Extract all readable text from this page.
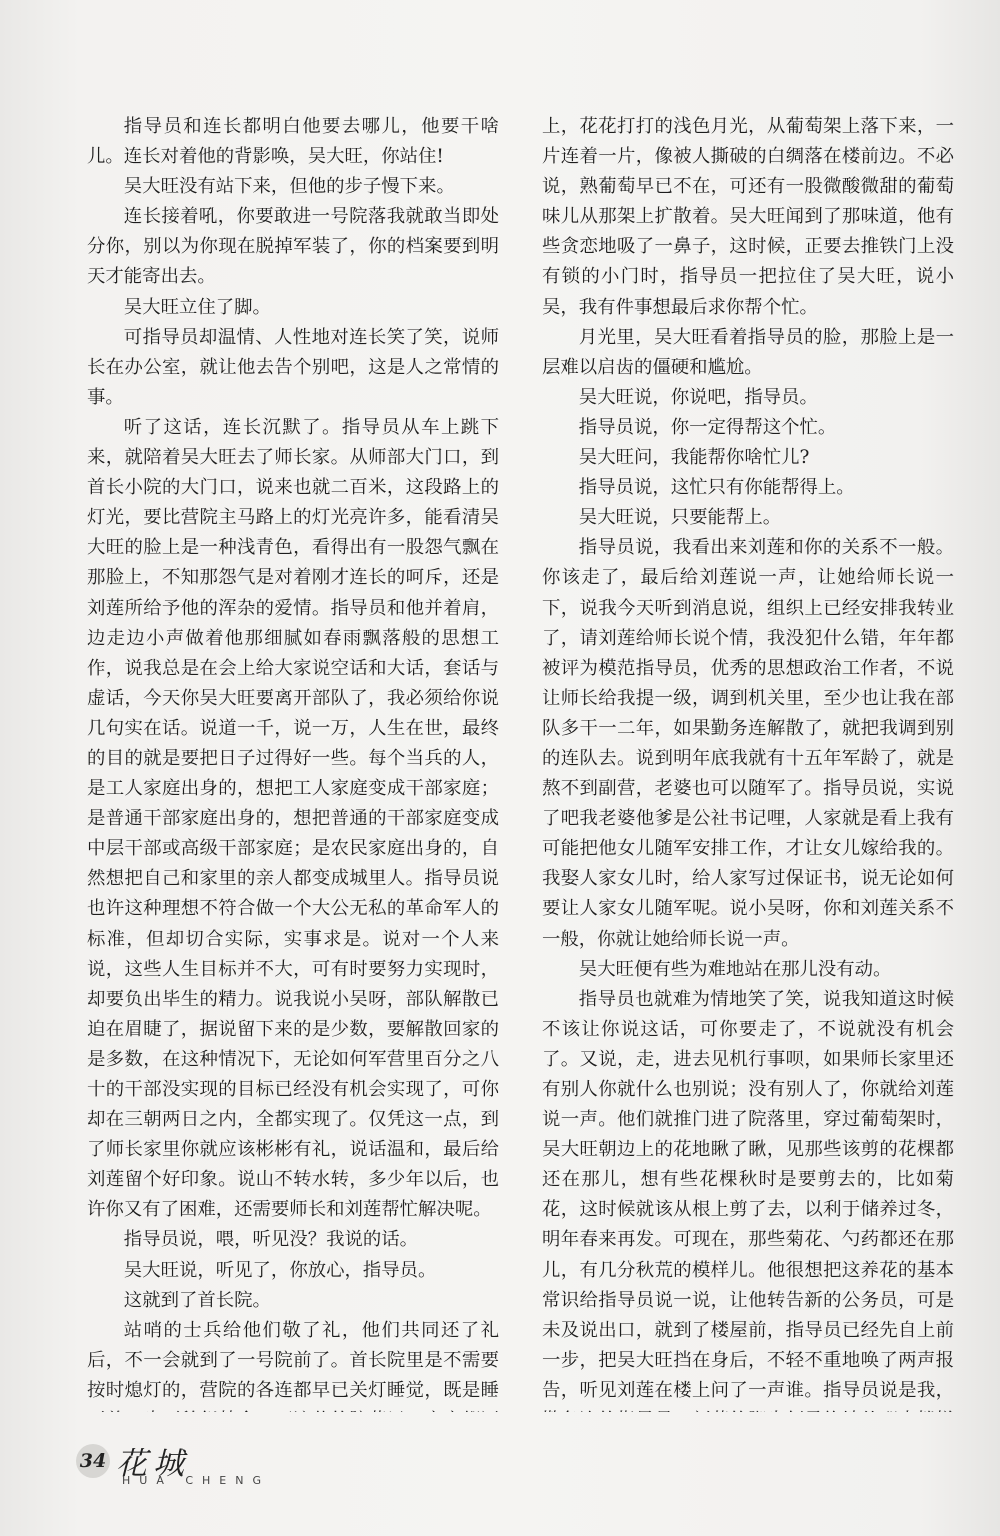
指导员和连长都明白他要去哪儿，他要干啥儿。连长对着他的背影唤，吴大旺，你站住!

吴大旺没有站下来，但他的步子慢下来。

连长接着吼，你要敢进一号院落我就敢当即处分你，别以为你现在脱掉军装了，你的档案要到明天才能寄出去。

吴大旺立住了脚。

可指导员却温情、人性地对连长笑了笑，说师长在办公室，就让他去告个别吧，这是人之常情的事。

听了这话，连长沉默了。指导员从车上跳下来，就陪着吴大旺去了师长家。从师部大门口，到首长小院的大门口，说来也就二百米，这段路上的灯光，要比营院主马路上的灯光亮许多，能看清吴大旺的脸上是一种浅青色，看得出有一股怨气飘在那脸上，不知那怨气是对着刚才连长的呵斥，还是刘莲所给予他的浑杂的爱情。指导员和他并着肩，边走边小声做着他那细腻如春雨飘落般的思想工作，说我总是在会上给大家说空话和大话，套话与虚话，今天你吴大旺要离开部队了，我必须给你说几句实在话。说道一千，说一万，人生在世，最终的目的就是要把日子过得好一些。每个当兵的人，是工人家庭出身的，想把工人家庭变成干部家庭；是普通干部家庭出身的，想把普通的干部家庭变成中层干部或高级干部家庭；是农民家庭出身的，自然想把自己和家里的亲人都变成城里人。指导员说也许这种理想不符合做一个大公无私的革命军人的标准，但却切合实际，实事求是。说对一个人来说，这些人生目标并不大，可有时要努力实现时，却要负出毕生的精力。说我说小吴呀，部队解散已迫在眉睫了，据说留下来的是少数，要解散回家的是多数，在这种情况下，无论如何军营里百分之八十的干部没实现的目标已经没有机会实现了，可你却在三朝两日之内，全都实现了。仅凭这一点，到了师长家里你就应该彬彬有礼，说话温和，最后给刘莲留个好印象。说山不转水转，多少年以后，也许你又有了困难，还需要师长和刘莲帮忙解决呢。

指导员说，喂，听见没？我说的话。

吴大旺说，听见了，你放心，指导员。

这就到了首长院。

站哨的士兵给他们敬了礼，他们共同还了礼后，不一会就到了一号院前了。首长院里是不需要按时熄灯的，营院的各连都早已关灯睡觉，既是睡

上，花花打打的浅色月光，从葡萄架上落下来，一片连着一片，像被人撕破的白绸落在楼前边。不必说，熟葡萄早已不在，可还有一股微酸微甜的葡萄味儿从那架上扩散着。吴大旺闻到了那味道，他有些贪恋地吸了一鼻子，这时候，正要去推铁门上没有锁的小门时，指导员一把拉住了吴大旺，说小吴，我有件事想最后求你帮个忙。

月光里，吴大旺看着指导员的脸，那脸上是一层难以启齿的僵硬和尴尬。

吴大旺说，你说吧，指导员。

指导员说，你一定得帮这个忙。

吴大旺问，我能帮你啥忙儿?

指导员说，这忙只有你能帮得上。

吴大旺说，只要能帮上。

指导员说，我看出来刘莲和你的关系不一般。你该走了，最后给刘莲说一声，让她给师长说一下，说我今天听到消息说，组织上已经安排我转业了，请刘莲给师长说个情，我没犯什么错，年年都被评为模范指导员，优秀的思想政治工作者，不说让师长给我提一级，调到机关里，至少也让我在部队多干一二年，如果勤务连解散了，就把我调到别的连队去。说到明年底我就有十五年军龄了，就是熬不到副营，老婆也可以随军了。指导员说，实说了吧我老婆他爹是公社书记哩，人家就是看上我有可能把他女儿随军安排工作，才让女儿嫁给我的。我娶人家女儿时，给人家写过保证书，说无论如何要让人家女儿随军呢。说小吴呀，你和刘莲关系不一般，你就让她给师长说一声。

吴大旺便有些为难地站在那儿没有动。

指导员也就难为情地笑了笑，说我知道这时候不该让你说这话，可你要走了，不说就没有机会了。又说，走，进去见机行事呗，如果师长家里还有别人你就什么也别说；没有别人了，你就给刘莲说一声。他们就推门进了院落里，穿过葡萄架时，吴大旺朝边上的花地瞅了瞅，见那些该剪的花棵都还在那儿，想有些花棵秋时是要剪去的，比如菊花，这时候就该从根上剪了去，以利于储养过冬，明年春来再发。可现在，那些菊花、勺药都还在那儿，有几分秋荒的模样儿。他很想把这养花的基本常识给指导员说一说，让他转告新的公务员，可是未及说出口，就到了楼屋前，指导员已经先自上前一步，把吴大旺挡在身后，不轻不重地唤了两声报告，听见刘莲在楼上问了一声谁。指导员说是我，

34 花城
HUA CHENG
